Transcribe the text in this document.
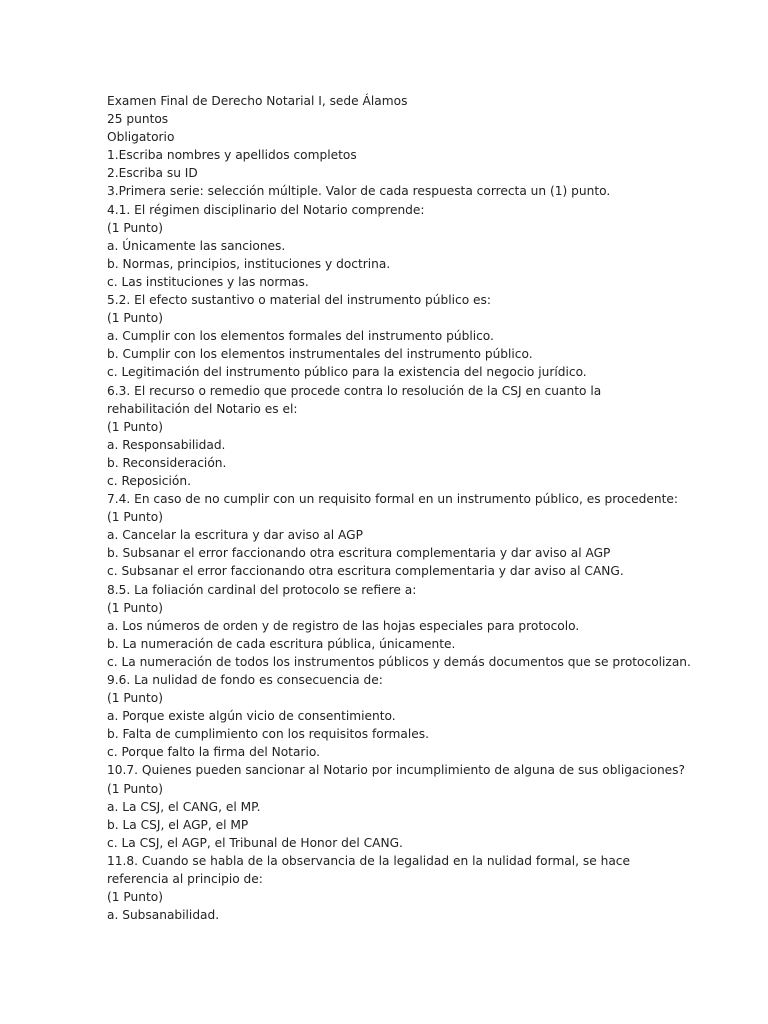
Examen Final de Derecho Notarial I, sede Álamos
25 puntos
Obligatorio
1.Escriba nombres y apellidos completos
2.Escriba su ID
3.Primera serie: selección múltiple. Valor de cada respuesta correcta un (1) punto.
4.1. El régimen disciplinario del Notario comprende:
(1 Punto)
a. Únicamente las sanciones.
b. Normas, principios, instituciones y doctrina.
c. Las instituciones y las normas.
5.2. El efecto sustantivo o material del instrumento público es:
(1 Punto)
a. Cumplir con los elementos formales del instrumento público.
b. Cumplir con los elementos instrumentales del instrumento público.
c. Legitimación del instrumento público para la existencia del negocio jurídico.
6.3. El recurso o remedio que procede contra lo resolución de la CSJ en cuanto la rehabilitación del Notario es el:
(1 Punto)
a. Responsabilidad.
b. Reconsideración.
c. Reposición.
7.4. En caso de no cumplir con un requisito formal en un instrumento público, es procedente:
(1 Punto)
a. Cancelar la escritura y dar aviso al AGP
b. Subsanar el error faccionando otra escritura complementaria y dar aviso al AGP
c. Subsanar el error faccionando otra escritura complementaria y dar aviso al CANG.
8.5. La foliación cardinal del protocolo se refiere a:
(1 Punto)
a. Los números de orden y de registro de las hojas especiales para protocolo.
b. La numeración de cada escritura pública, únicamente.
c. La numeración de todos los instrumentos públicos y demás documentos que se protocolizan.
9.6. La nulidad de fondo es consecuencia de:
(1 Punto)
a. Porque existe algún vicio de consentimiento.
b. Falta de cumplimiento con los requisitos formales.
c. Porque falto la firma del Notario.
10.7. Quienes pueden sancionar al Notario por incumplimiento de alguna de sus obligaciones?
(1 Punto)
a. La CSJ, el CANG, el MP.
b. La CSJ, el AGP, el MP
c. La CSJ, el AGP, el Tribunal de Honor del CANG.
11.8. Cuando se habla de la observancia de la legalidad en la nulidad formal, se hace referencia al principio de:
(1 Punto)
a. Subsanabilidad.
